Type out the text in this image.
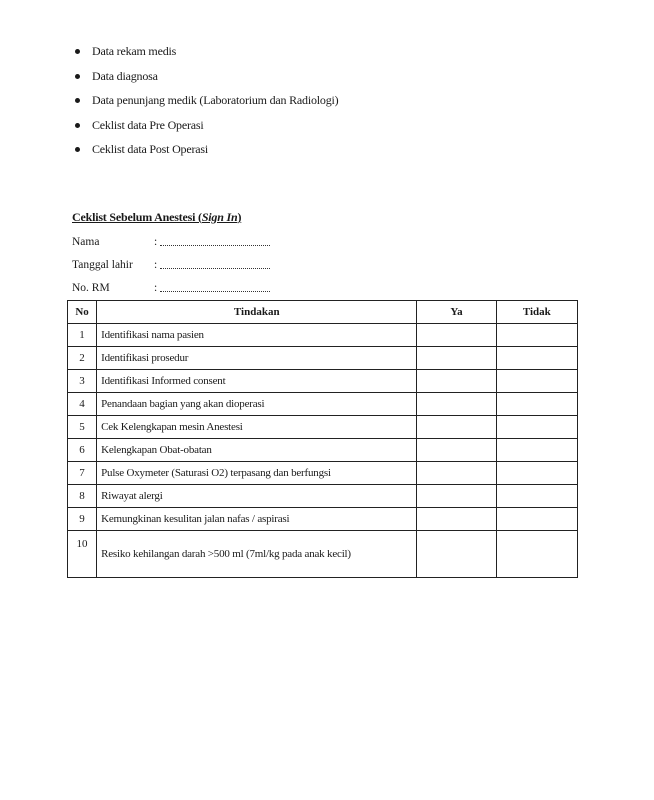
Data rekam medis
Data diagnosa
Data penunjang medik (Laboratorium dan Radiologi)
Ceklist data Pre Operasi
Ceklist data Post Operasi
Ceklist Sebelum Anestesi (Sign In)
Nama	:
Tanggal lahir :
No. RM	:
No	Tindakan	Ya	Tidak
1	Identifikasi nama pasien		
2	Identifikasi prosedur		
3	Identifikasi Informed consent		
4	Penandaan bagian yang akan dioperasi		
5	Cek Kelengkapan mesin Anestesi		
6	Kelengkapan Obat-obatan		
7	Pulse Oxymeter (Saturasi O2) terpasang dan berfungsi		
8	Riwayat alergi		
9	Kemungkinan kesulitan jalan nafas / aspirasi		
10	Resiko kehilangan darah >500 ml (7ml/kg pada anak kecil)		
